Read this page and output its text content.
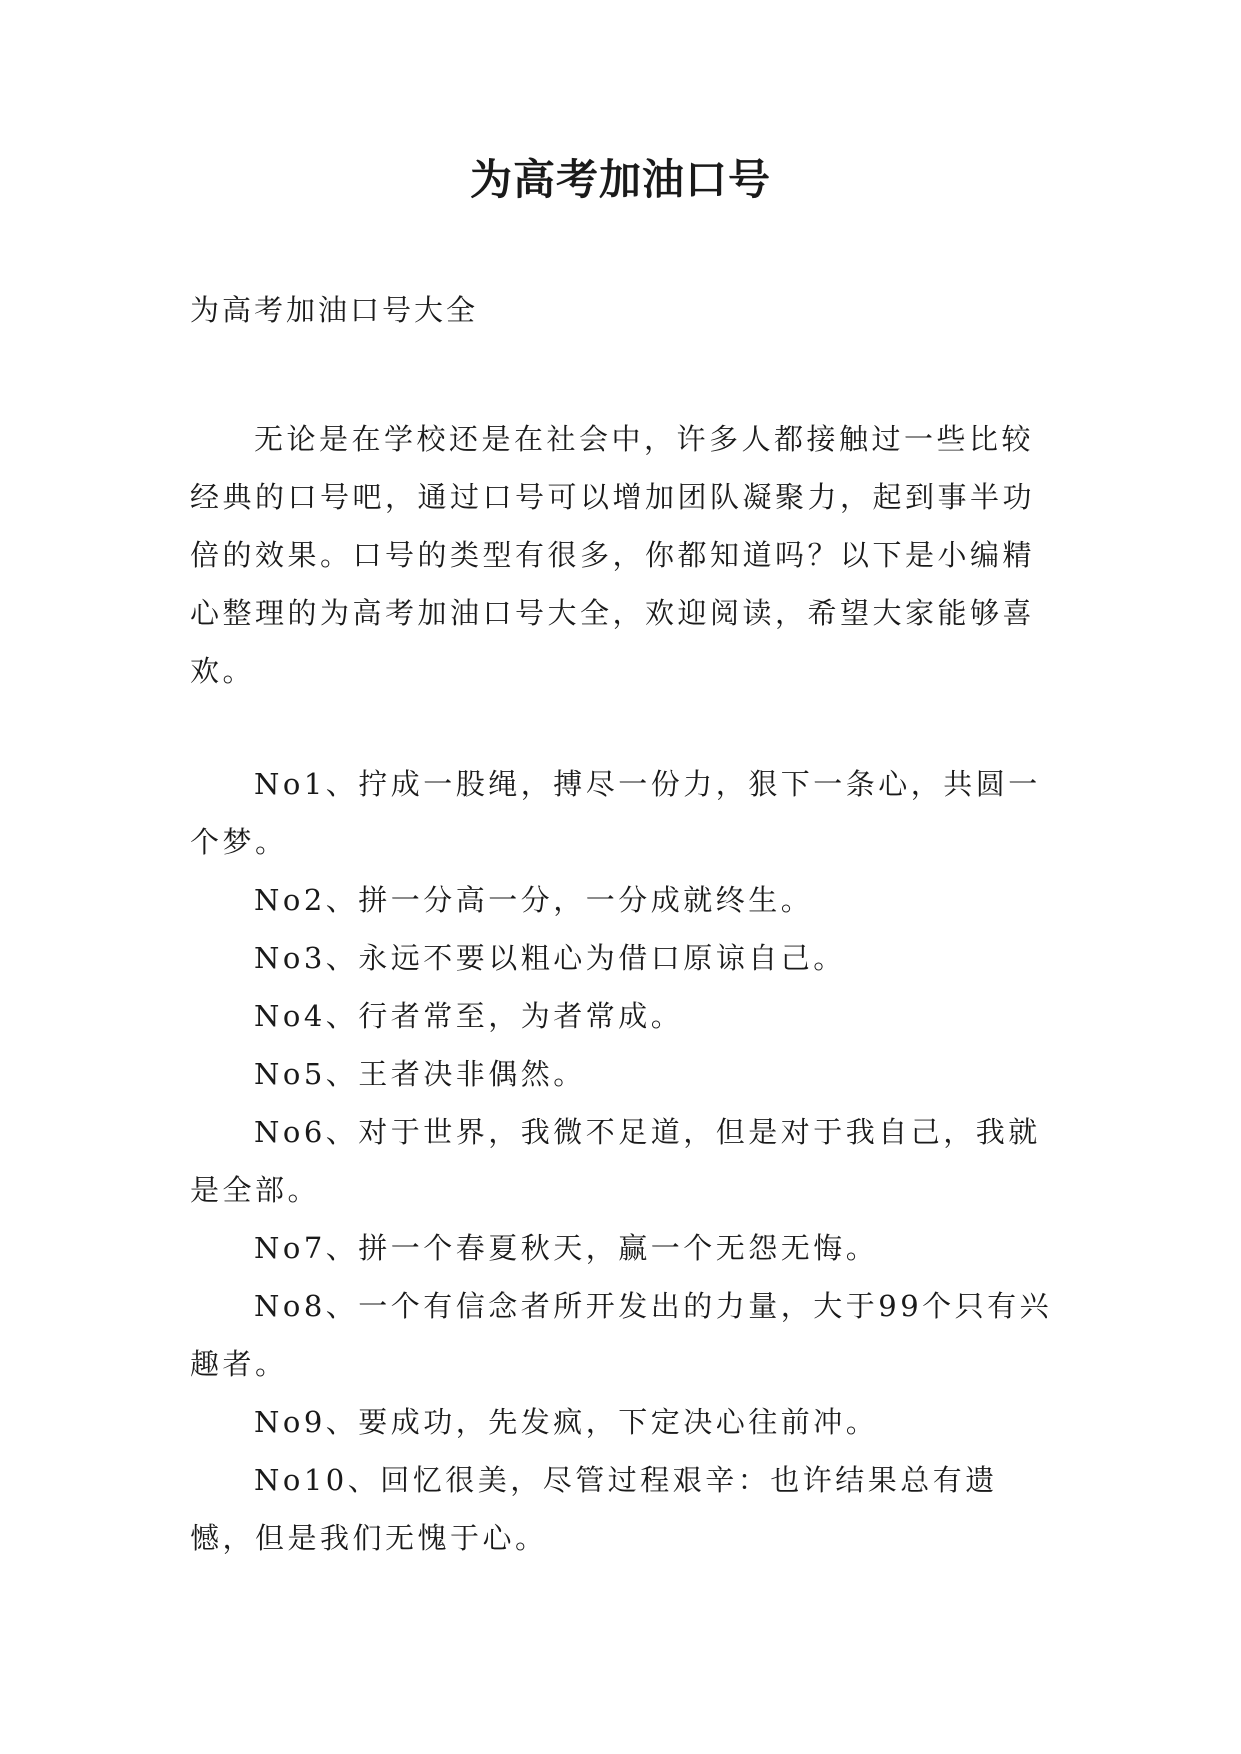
为高考加油口号

为高考加油口号大全

无论是在学校还是在社会中，许多人都接触过一些比较经典的口号吧，通过口号可以增加团队凝聚力，起到事半功倍的效果。口号的类型有很多，你都知道吗？以下是小编精心整理的为高考加油口号大全，欢迎阅读，希望大家能够喜欢。

No1、拧成一股绳，搏尽一份力，狠下一条心，共圆一个梦。
No2、拼一分高一分，一分成就终生。
No3、永远不要以粗心为借口原谅自己。
No4、行者常至，为者常成。
No5、王者决非偶然。
No6、对于世界，我微不足道，但是对于我自己，我就是全部。
No7、拼一个春夏秋天，赢一个无怨无悔。
No8、一个有信念者所开发出的力量，大于99个只有兴趣者。
No9、要成功，先发疯，下定决心往前冲。
No10、回忆很美，尽管过程艰辛：也许结果总有遗憾，但是我们无愧于心。
